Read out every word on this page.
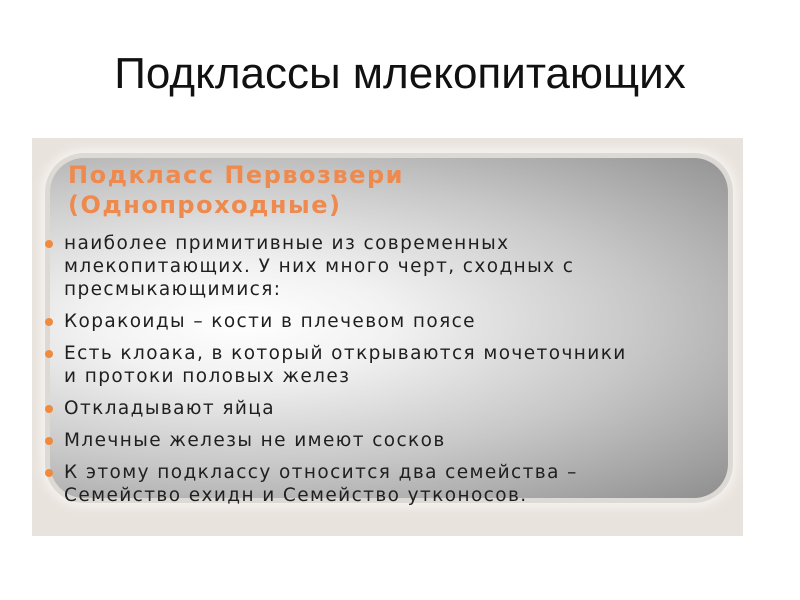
Подклассы млекопитающих
Подкласс Первозвери
(Однопроходные)
наиболее примитивные из современных
млекопитающих. У них много черт, сходных с
пресмыкающимися:
Коракоиды – кости в плечевом поясе
Есть клоака, в который открываются мочеточники
и протоки половых желез
Откладывают яйца
Млечные железы не имеют сосков
К этому подклассу относится два семейства –
Семейство ехидн и Семейство утконосов.
